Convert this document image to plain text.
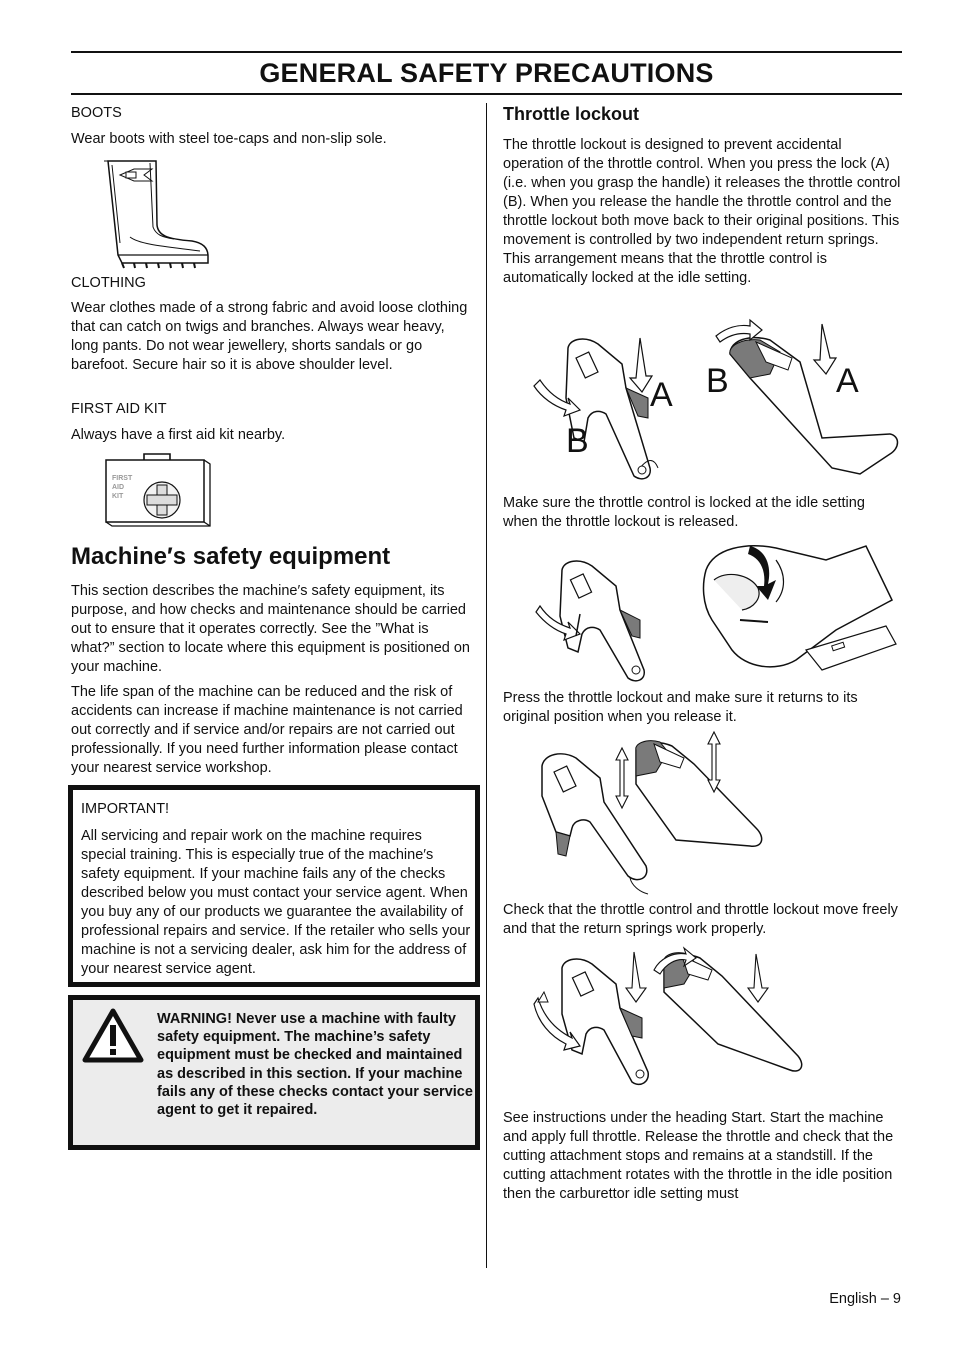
GENERAL SAFETY PRECAUTIONS
BOOTS
Wear boots with steel toe-caps and non-slip sole.
CLOTHING
Wear clothes made of a strong fabric and avoid loose clothing that can catch on twigs and branches. Always wear heavy, long pants. Do not wear jewellery, shorts sandals or go barefoot. Secure hair so it is above shoulder level.
FIRST AID KIT
Always have a first aid kit nearby.
FIRST
AID
KIT
Machine′s safety equipment
This section describes the machine′s safety equipment, its purpose, and how checks and maintenance should be carried out to ensure that it operates correctly. See the ”What is what?” section to locate where this equipment is positioned on your machine.
The life span of the machine can be reduced and the risk of accidents can increase if machine maintenance is not carried out correctly and if service and/or repairs are not carried out professionally. If you need further information please contact your nearest service workshop.
IMPORTANT!
All servicing and repair work on the machine requires special training. This is especially true of the machine′s safety equipment. If your machine fails any of the checks described below you must contact your service agent. When you buy any of our products we guarantee the availability of professional repairs and service. If the retailer who sells your machine is not a servicing dealer, ask him for the address of your nearest service agent.
WARNING! Never use a machine with faulty safety equipment. The machine’s safety equipment must be checked and maintained as described in this section. If your machine fails any of these checks contact your service agent to get it repaired.
Throttle lockout
The throttle lockout is designed to prevent accidental operation of the throttle control. When you press the lock (A) (i.e. when you grasp the handle) it releases the throttle control (B). When you release the handle the throttle control and the throttle lockout both move back to their original positions. This movement is controlled by two independent return springs. This arrangement means that the throttle control is automatically locked at the idle setting.
A
B
B	A
Make sure the throttle control is locked at the idle setting when the throttle lockout is released.
Press the throttle lockout and make sure it returns to its original position when you release it.
Check that the throttle control and throttle lockout move freely and that the return springs work properly.
See instructions under the heading Start. Start the machine and apply full throttle. Release the throttle and check that the cutting attachment stops and remains at a standstill. If the cutting attachment rotates with the throttle in the idle position then the carburettor idle setting must
English – 9
